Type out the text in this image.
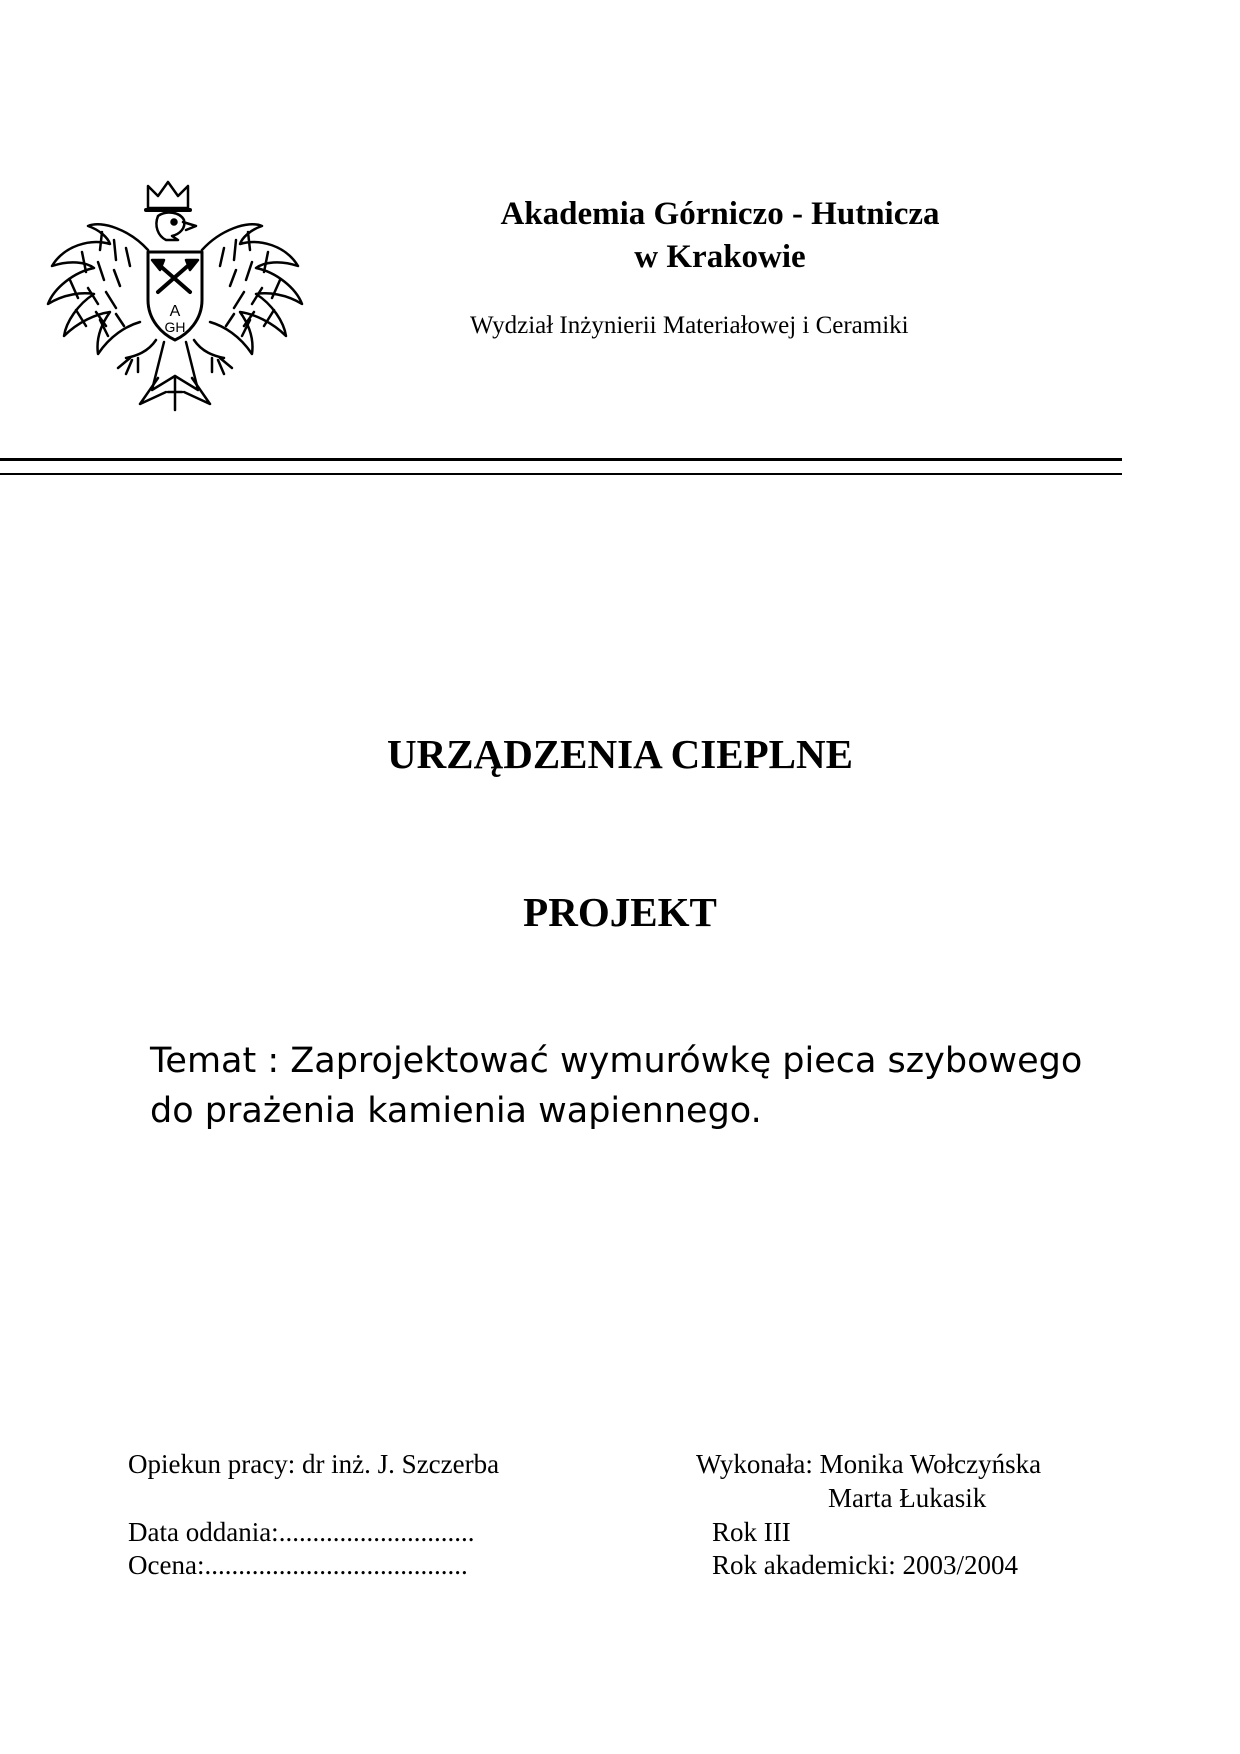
A
GH
Akademia Górniczo - Hutnicza
w Krakowie
Wydział Inżynierii Materiałowej i Ceramiki
URZĄDZENIA CIEPLNE
PROJEKT
Temat : Zaprojektować wymurówkę pieca szybowego
do prażenia kamienia wapiennego.
Opiekun pracy: dr inż. J. Szczerba
Data oddania:.............................
Ocena:.......................................
Wykonała: Monika Wołczyńska
Marta Łukasik
Rok III
Rok akademicki: 2003/2004
